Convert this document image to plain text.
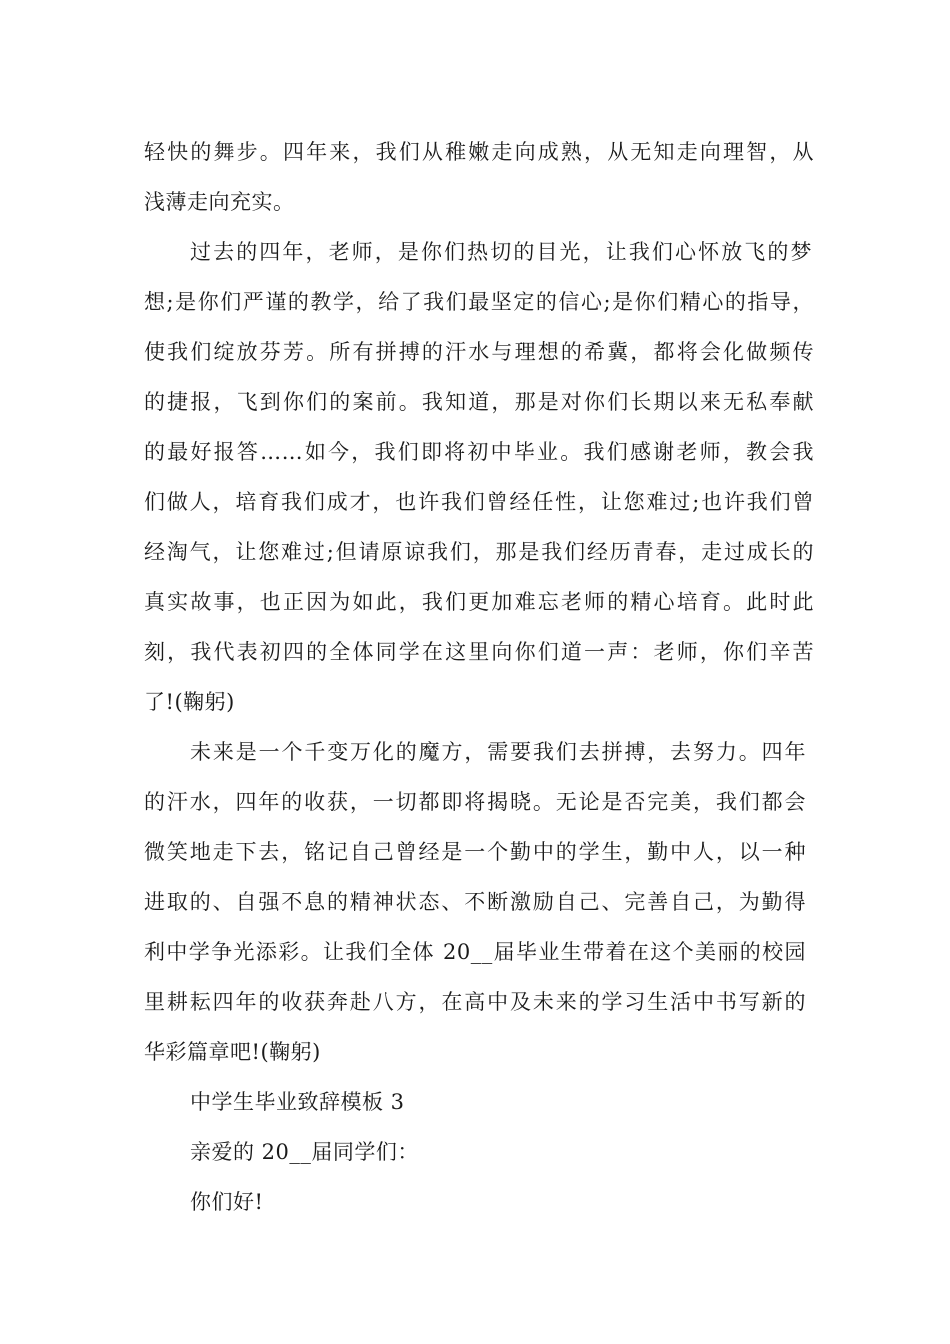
轻快的舞步。四年来，我们从稚嫩走向成熟，从无知走向理智，从
浅薄走向充实。
过去的四年，老师，是你们热切的目光，让我们心怀放飞的梦
想;是你们严谨的教学，给了我们最坚定的信心;是你们精心的指导，
使我们绽放芬芳。所有拼搏的汗水与理想的希冀，都将会化做频传
的捷报，飞到你们的案前。我知道，那是对你们长期以来无私奉献
的最好报答……如今，我们即将初中毕业。我们感谢老师，教会我
们做人，培育我们成才，也许我们曾经任性，让您难过;也许我们曾
经淘气，让您难过;但请原谅我们，那是我们经历青春，走过成长的
真实故事，也正因为如此，我们更加难忘老师的精心培育。此时此
刻，我代表初四的全体同学在这里向你们道一声：老师，你们辛苦
了!(鞠躬)
未来是一个千变万化的魔方，需要我们去拼搏，去努力。四年
的汗水，四年的收获，一切都即将揭晓。无论是否完美，我们都会
微笑地走下去，铭记自己曾经是一个勤中的学生，勤中人，以一种
进取的、自强不息的精神状态、不断激励自己、完善自己，为勤得
利中学争光添彩。让我们全体 20__届毕业生带着在这个美丽的校园
里耕耘四年的收获奔赴八方，在高中及未来的学习生活中书写新的
华彩篇章吧!(鞠躬)
中学生毕业致辞模板 3
亲爱的 20__届同学们：
你们好!
